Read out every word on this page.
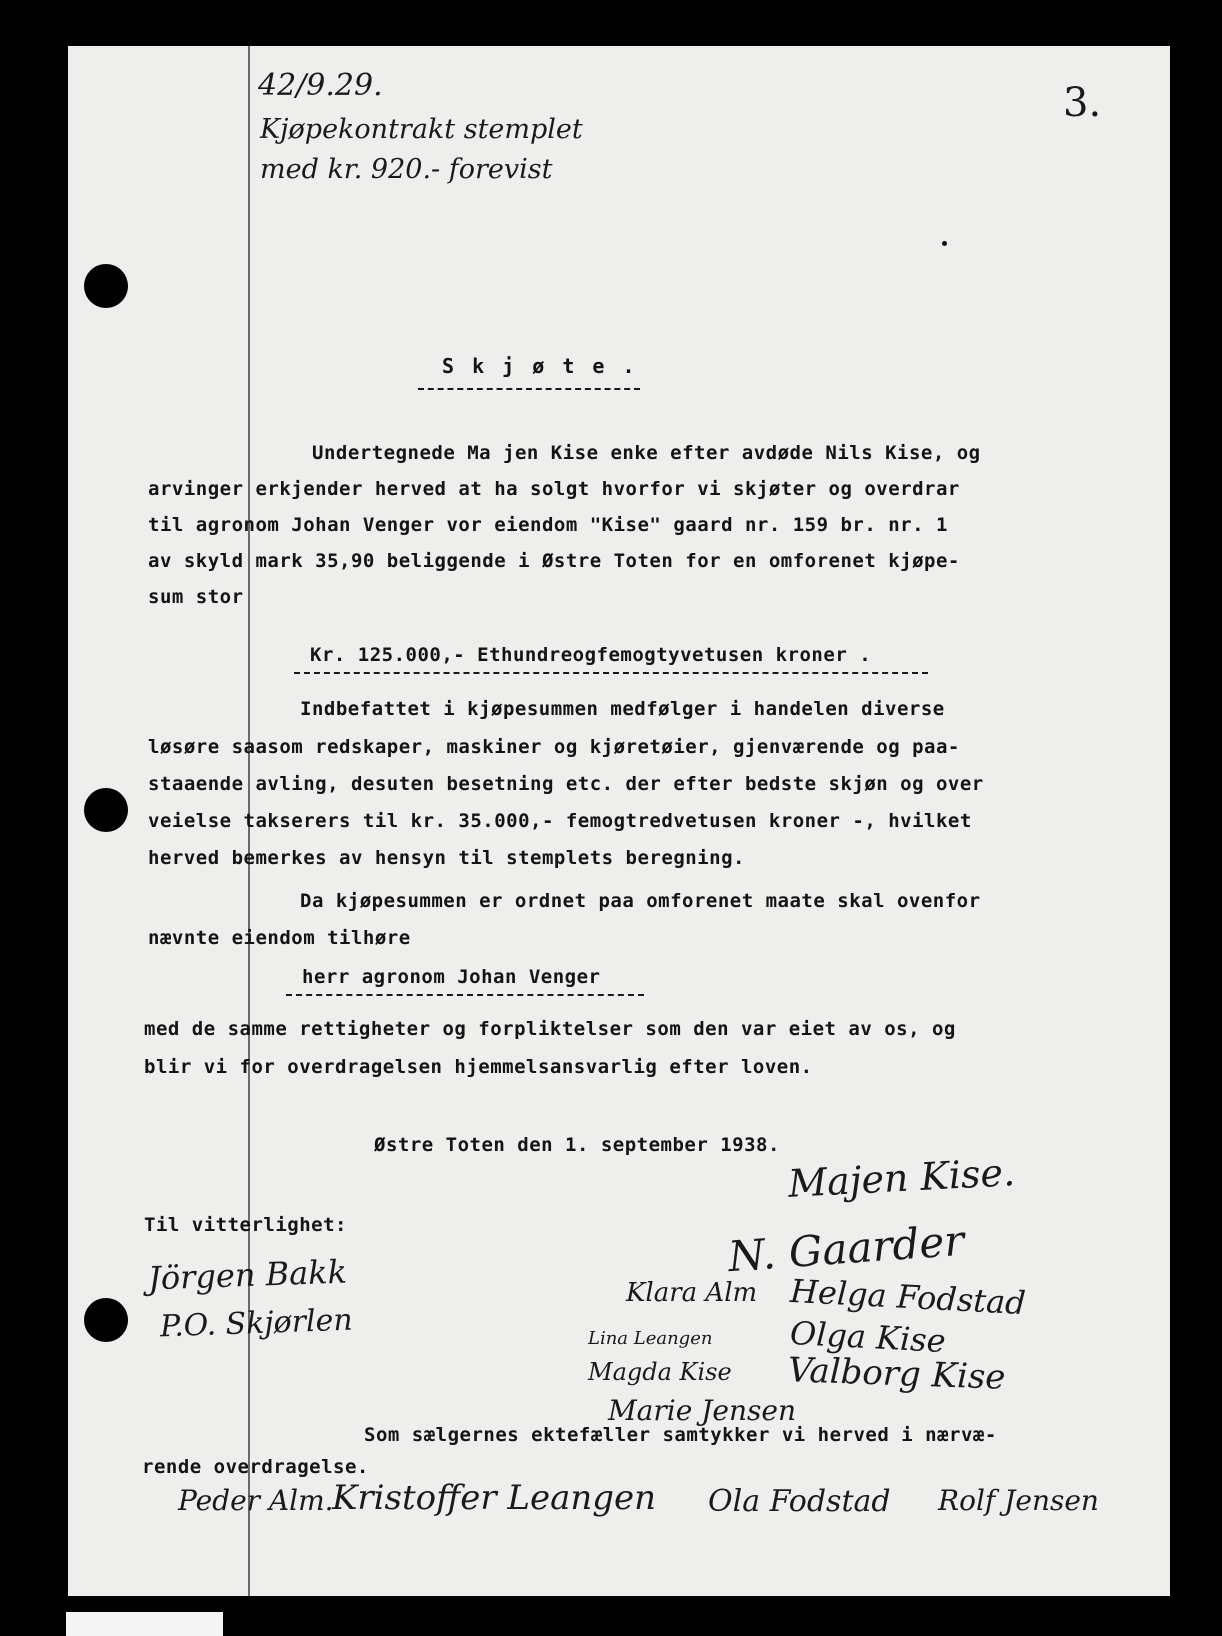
42/9.29.
Kjøpekontrakt stemplet
med kr. 920.- forevist
3.
S k j ø t e .
Undertegnede Ma jen Kise enke efter avdøde Nils Kise, og
arvinger erkjender herved at ha solgt hvorfor vi skjøter og overdrar
til agronom Johan Venger vor eiendom "Kise" gaard nr. 159 br. nr. 1
av skyld mark 35,90 beliggende i Østre Toten for en omforenet kjøpe-
sum stor
Kr. 125.000,- Ethundreogfemogtyvetusen kroner .
Indbefattet i kjøpesummen medfølger i handelen diverse
løsøre saasom redskaper, maskiner og kjøretøier, gjenværende og paa-
staaende avling, desuten besetning etc. der efter bedste skjøn og over
veielse takserers til kr. 35.000,- femogtredvetusen kroner -, hvilket
herved bemerkes av hensyn til stemplets beregning.
Da kjøpesummen er ordnet paa omforenet maate skal ovenfor
nævnte eiendom tilhøre
herr agronom Johan Venger
med de samme rettigheter og forpliktelser som den var eiet av os, og
blir vi for overdragelsen hjemmelsansvarlig efter loven.
Østre Toten den 1. september 1938.
Til vitterlighet:
Majen Kise.
N. Gaarder
Jörgen Bakk
P.O. Skjørlen
Klara Alm Helga Fodstad
Lina Leangen Olga Kise
Magda Kise Valborg Kise
Marie Jensen
Som sælgernes ektefæller samtykker vi herved i nærvæ-
rende overdragelse.
Peder Alm.
Kristoffer Leangen Ola Fodstad Rolf Jensen
